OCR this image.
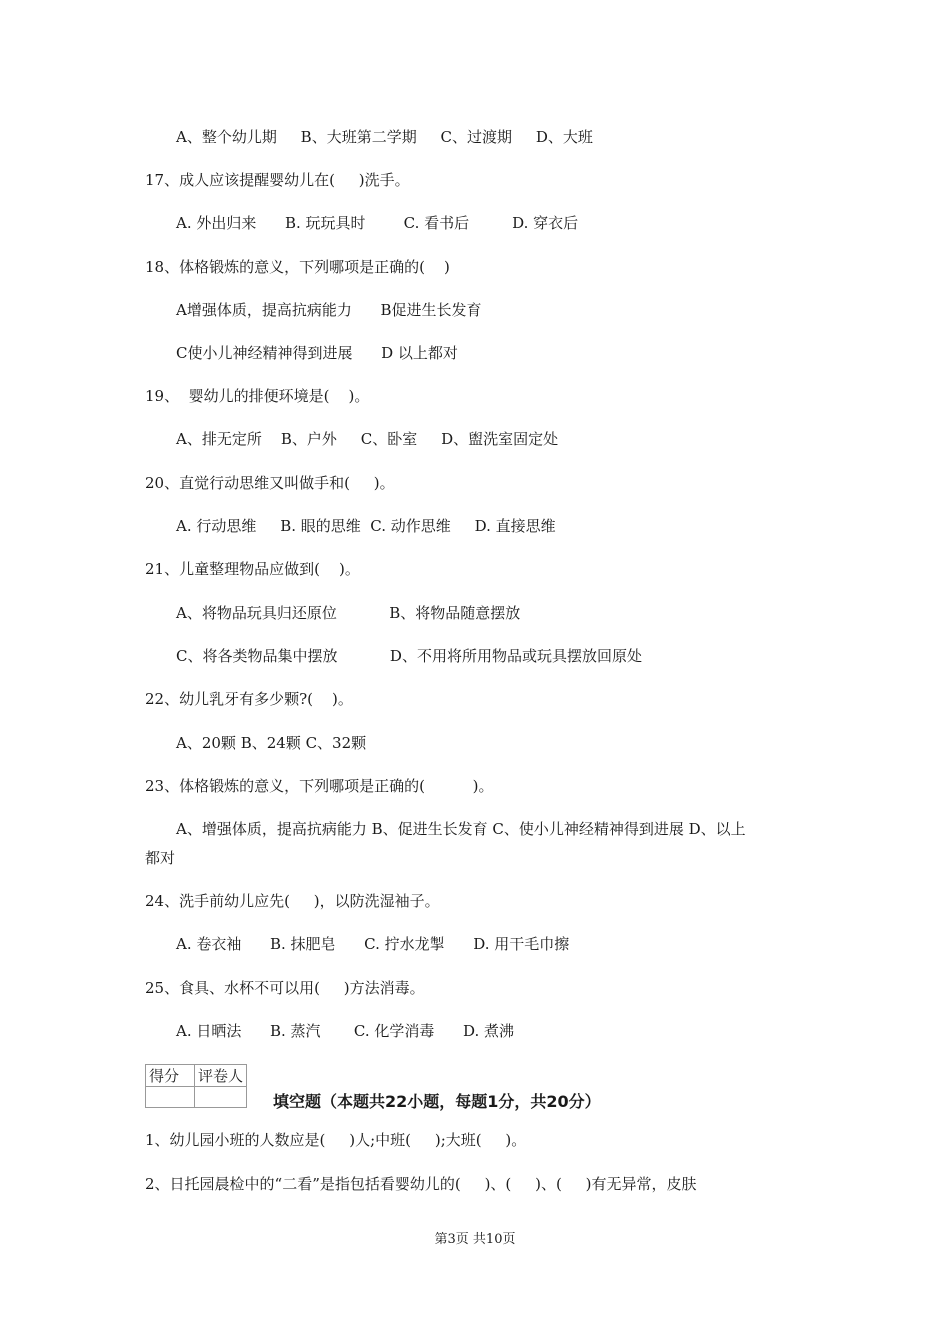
A、整个幼儿期     B、大班第二学期     C、过渡期     D、大班
17、成人应该提醒婴幼儿在(     )洗手。
A. 外出归来      B. 玩玩具时        C. 看书后         D. 穿衣后
18、体格锻炼的意义，下列哪项是正确的(    )
A增强体质，提高抗病能力      B促进生长发育
C使小儿神经精神得到进展      D 以上都对
19、  婴幼儿的排便环境是(    )。
A、排无定所    B、户外     C、卧室     D、盥洗室固定处
20、直觉行动思维又叫做手和(     )。
A. 行动思维     B. 眼的思维  C. 动作思维     D. 直接思维
21、儿童整理物品应做到(    )。
A、将物品玩具归还原位           B、将物品随意摆放
C、将各类物品集中摆放           D、不用将所用物品或玩具摆放回原处
22、幼儿乳牙有多少颗?(    )。
A、20颗 B、24颗 C、32颗
23、体格锻炼的意义，下列哪项是正确的(          )。
A、增强体质，提高抗病能力 B、促进生长发育 C、使小儿神经精神得到进展 D、以上
都对
24、洗手前幼儿应先(     )，以防洗湿袖子。
A. 卷衣袖      B. 抹肥皂      C. 拧水龙掣      D. 用干毛巾擦
25、食具、水杯不可以用(     )方法消毒。
A. 日晒法      B. 蒸汽       C. 化学消毒      D. 煮沸
得分	评卷人

填空题（本题共22小题，每题1分，共20分）
1、幼儿园小班的人数应是(     )人;中班(     );大班(     )。
2、日托园晨检中的“二看”是指包括看婴幼儿的(     )、(     )、(     )有无异常，皮肤
第3页 共10页
